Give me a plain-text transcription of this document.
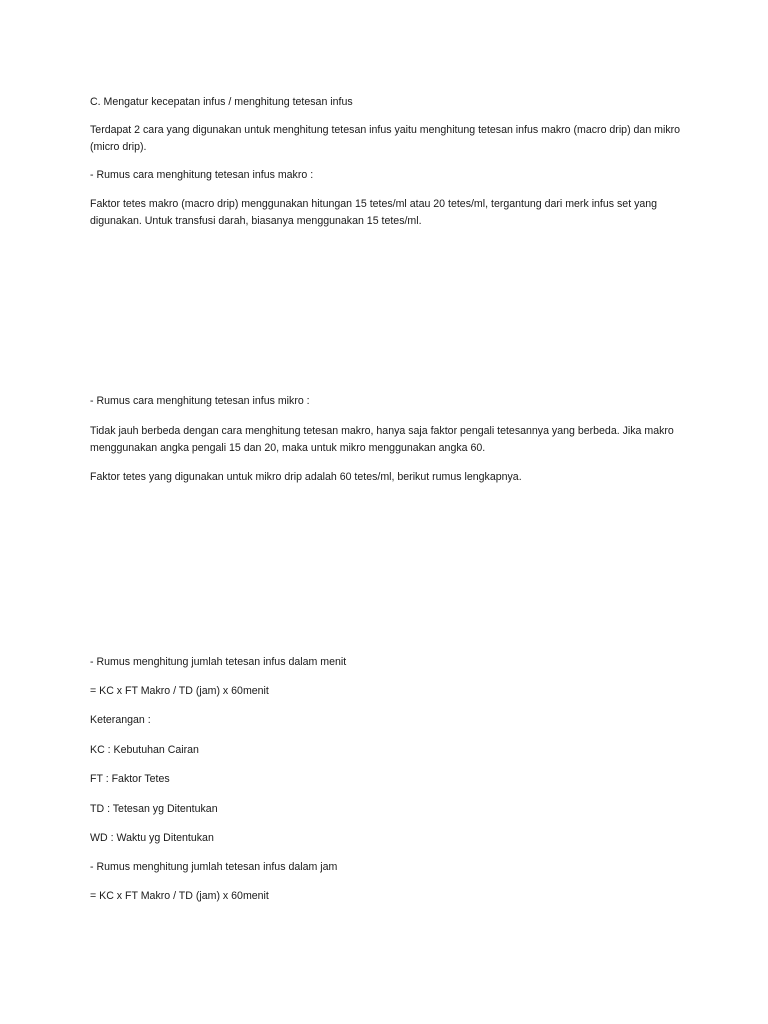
C. Mengatur kecepatan infus / menghitung tetesan infus

Terdapat 2 cara yang digunakan untuk menghitung tetesan infus yaitu menghitung tetesan infus makro (macro drip) dan mikro
(micro drip).

- Rumus cara menghitung tetesan infus makro :

Faktor tetes makro (macro drip) menggunakan hitungan 15 tetes/ml atau 20 tetes/ml, tergantung dari merk infus set yang
digunakan. Untuk transfusi darah, biasanya menggunakan 15 tetes/ml.

- Rumus cara menghitung tetesan infus mikro :

Tidak jauh berbeda dengan cara menghitung tetesan makro, hanya saja faktor pengali tetesannya yang berbeda. Jika makro
menggunakan angka pengali 15 dan 20, maka untuk mikro menggunakan angka 60.

Faktor tetes yang digunakan untuk mikro drip adalah 60 tetes/ml, berikut rumus lengkapnya.

- Rumus menghitung jumlah tetesan infus dalam menit

= KC x FT Makro / TD (jam) x 60menit

Keterangan :

KC : Kebutuhan Cairan

FT : Faktor Tetes

TD : Tetesan yg Ditentukan

WD : Waktu yg Ditentukan

- Rumus menghitung jumlah tetesan infus dalam jam

= KC x FT Makro / TD (jam) x 60menit
